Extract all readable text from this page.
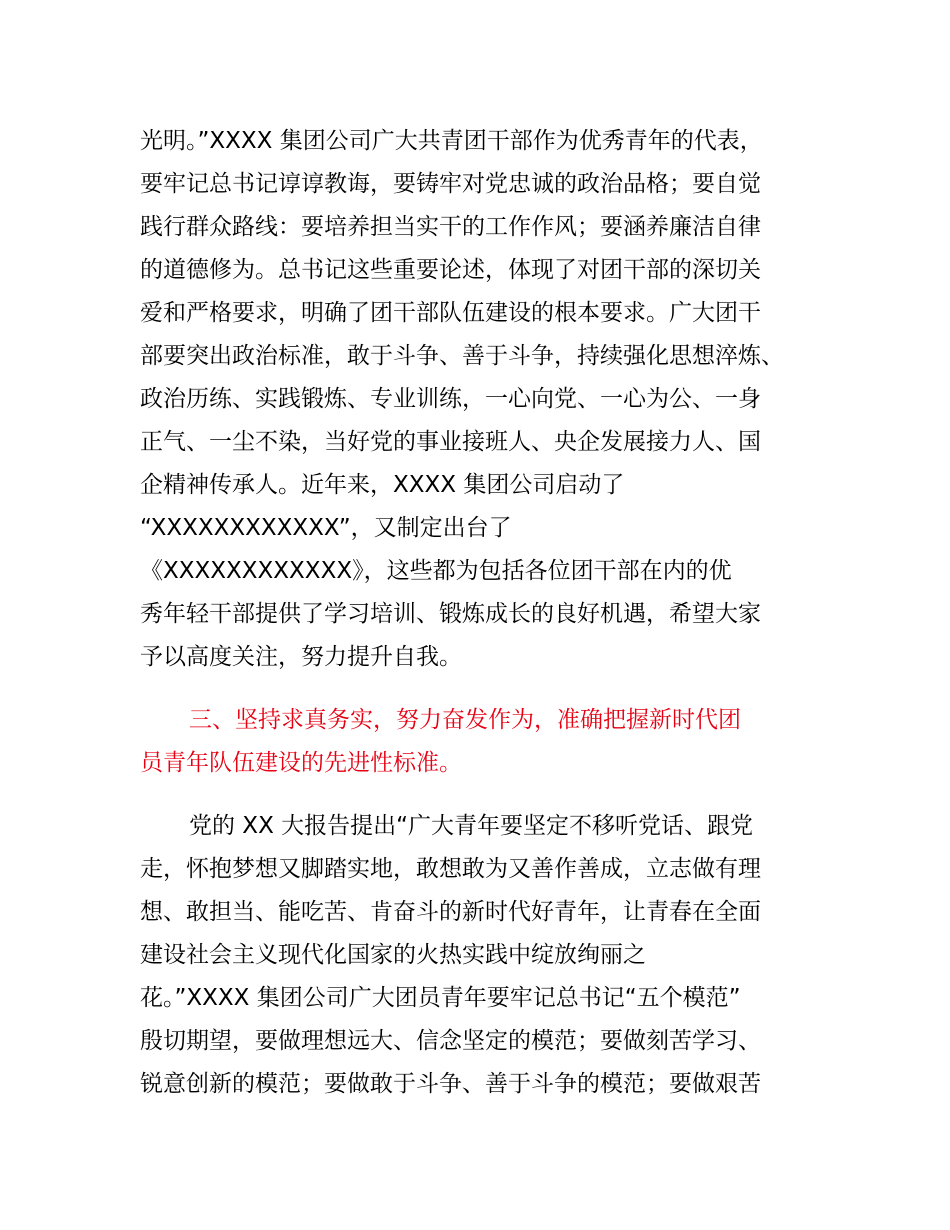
光明。”XXXX 集团公司广大共青团干部作为优秀青年的代表，
要牢记总书记谆谆教诲，要铸牢对党忠诚的政治品格；要自觉
践行群众路线：要培养担当实干的工作作风；要涵养廉洁自律
的道德修为。总书记这些重要论述，体现了对团干部的深切关
爱和严格要求，明确了团干部队伍建设的根本要求。广大团干
部要突出政治标准，敢于斗争、善于斗争，持续强化思想淬炼、
政治历练、实践锻炼、专业训练，一心向党、一心为公、一身
正气、一尘不染，当好党的事业接班人、央企发展接力人、国
企精神传承人。近年来，XXXX 集团公司启动了
“XXXXXXXXXXXX”，又制定出台了
《XXXXXXXXXXXX》，这些都为包括各位团干部在内的优
秀年轻干部提供了学习培训、锻炼成长的良好机遇，希望大家
予以高度关注，努力提升自我。
三、坚持求真务实，努力奋发作为，准确把握新时代团
员青年队伍建设的先进性标准。
党的 XX 大报告提出“广大青年要坚定不移听党话、跟党
走，怀抱梦想又脚踏实地，敢想敢为又善作善成，立志做有理
想、敢担当、能吃苦、肯奋斗的新时代好青年，让青春在全面
建设社会主义现代化国家的火热实践中绽放绚丽之
花。”XXXX 集团公司广大团员青年要牢记总书记“五个模范”
殷切期望，要做理想远大、信念坚定的模范；要做刻苦学习、
锐意创新的模范；要做敢于斗争、善于斗争的模范；要做艰苦
